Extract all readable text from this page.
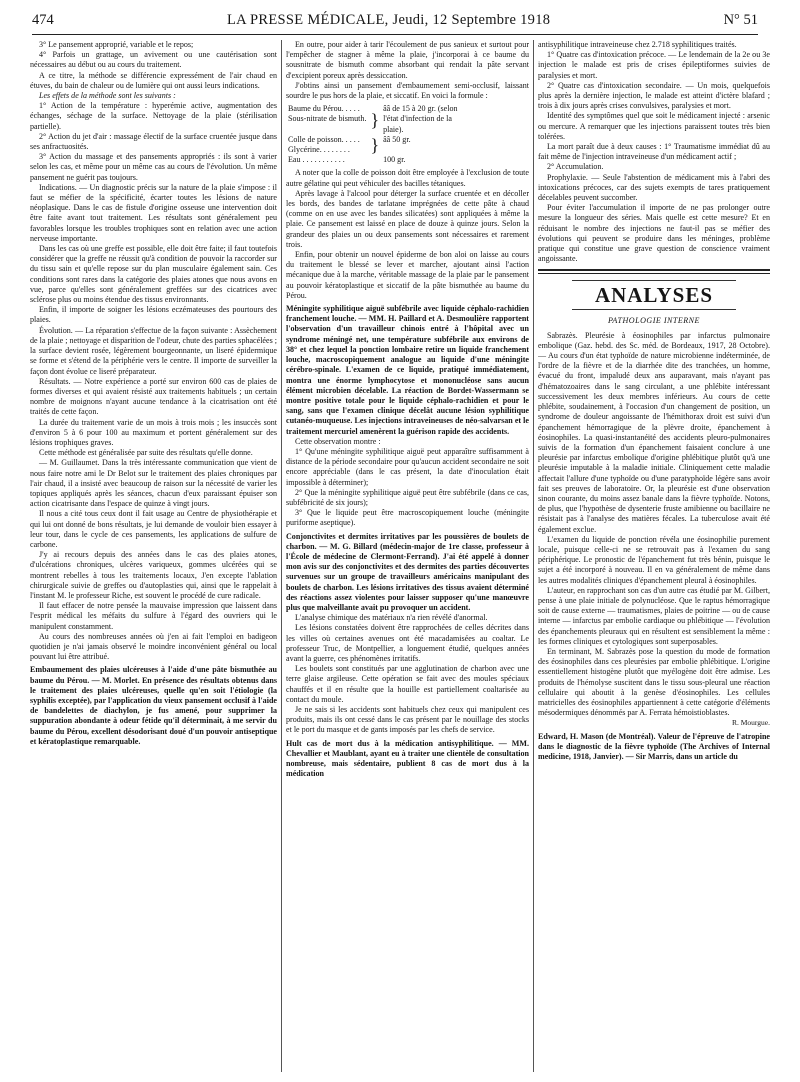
474	LA PRESSE MÉDICALE, Jeudi, 12 Septembre 1918	N° 51

3° Le pansement approprié, variable et le repos;

4° Parfois un grattage, un avivement ou une cautérisation sont nécessaires au début ou au cours du traitement.

A ce titre, la méthode se différencie expressément de l'air chaud en étuves, du bain de chaleur ou de lumière qui ont aussi leurs indications.

Les effets de la méthode sont les suivants :

1° Action de la température : hyperémie active, augmentation des échanges, séchage de la surface. Nettoyage de la plaie (stérilisation partielle).

2° Action du jet d'air : massage électif de la surface cruentée jusque dans ses anfractuosités.

3° Action du massage et des pansements appropriés : ils sont à varier selon les cas, et même pour un même cas au cours de l'évolution. Un même pansement ne guérit pas toujours.

Indications. — Un diagnostic précis sur la nature de la plaie s'impose : il faut se méfier de la spécificité, écarter toutes les lésions de nature néoplasique. Dans le cas de fistule d'origine osseuse une intervention doit être faite avant tout traitement. Les résultats sont généralement peu favorables lorsque les troubles trophiques sont en relation avec une action nerveuse importante.

Dans les cas où une greffe est possible, elle doit être faite; il faut toutefois considérer que la greffe ne réussit qu'à condition de pouvoir la raccorder sur du tissu sain et qu'elle repose sur du plan musculaire également sain. Ces conditions sont rares dans la catégorie des plaies atones que nous avons en vue, parce qu'elles sont généralement greffées sur des cicatrices avec sclérose plus ou moins étendue des tissus environnants.

Enfin, il importe de soigner les lésions eczémateuses des pourtours des plaies.

Évolution. — La réparation s'effectue de la façon suivante : Assèchement de la plaie ; nettoyage et disparition de l'odeur, chute des parties sphacélées ; la surface devient rosée, légèrement bourgeonnante, un liseré épidermique se forme et s'étend de la périphérie vers le centre. Il importe de surveiller la façon dont évolue ce liseré préparateur.

Résultats. — Notre expérience a porté sur environ 600 cas de plaies de formes diverses et qui avaient résisté aux traitements habituels ; un certain nombre de moignons n'ayant aucune tendance à la cicatrisation ont été traités de cette façon.

La durée du traitement varie de un mois à trois mois ; les insuccès sont d'environ 5 à 6 pour 100 au maximum et portent généralement sur des lésions trophiques graves.

Cette méthode est généralisée par suite des résultats qu'elle donne.

— M. Guillaumet. Dans la très intéressante communication que vient de nous faire notre ami le Dr Belot sur le traitement des plaies chroniques par l'air chaud, il a insisté avec beaucoup de raison sur la nécessité de varier les topiques appliqués après les séances, chacun d'eux paraissant épuiser son action cicatrisante dans l'espace de quinze à vingt jours.

Il nous a cité tous ceux dont il fait usage au Centre de physiothérapie et qui lui ont donné de bons résultats, je lui demande de vouloir bien essayer à leur tour, dans le cycle de ces pansements, les applications de sulfure de carbone.

J'y ai recours depuis des années dans le cas des plaies atones, d'ulcérations chroniques, ulcères variqueux, gommes ulcérées qui se montrent rebelles à tous les traitements locaux, J'en excepte l'ablation chirurgicale suivie de greffes ou d'autoplasties qui, ainsi que le rappelait à l'instant M. le professeur Riche, est souvent le procédé de cure radicale.

Il faut effacer de notre pensée la mauvaise impression que laissent dans l'esprit médical les méfaits du sulfure à l'égard des ouvriers qui le manipulent constamment.

Au cours des nombreuses années où j'en ai fait l'emploi en badigeon quotidien je n'ai jamais observé le moindre inconvénient général ou local pouvant lui être attribué.

Embaumement des plaies ulcéreuses à l'aide d'une pâte bismuthée au baume du Pérou. — M. Morlet. En présence des résultats obtenus dans le traitement des plaies ulcéreuses, quelle qu'en soit l'étiologie (la syphilis exceptée), par l'application du vieux pansement occlusif à l'aide de bandelettes de diachylon, je fus amené, pour supprimer la suppuration abondante à odeur fétide qu'il déterminait, à me servir du baume du Pérou, excellent désodorisant doué d'un pouvoir antiseptique et kératoplastique remarquable.

En outre, pour aider à tarir l'écoulement de pus sanieux et surtout pour l'empêcher de stagner à même la plaie, j'incorporai à ce baume du sousnitrate de bismuth comme absorbant qui rendait la pâte servant d'excipient poreux après dessiccation.

J'obtins ainsi un pansement d'embaumement semi-occlusif, laissant sourdre le pus hors de la plaie, et siccatif. En voici la formule :

Baume du Pérou. . . . .	}	ââ de 15 à 20 gr. (selon
Sous-nitrate de bismuth.		l'état d'infection de la
		plaie).
Colle de poisson. . . . .	}	ââ 50 gr.
Glycérine. . . . . . . .		
Eau . . . . . . . . . . .		100 gr.

A noter que la colle de poisson doit être employée à l'exclusion de toute autre gélatine qui peut véhiculer des bacilles tétaniques.

Après lavage à l'alcool pour déterger la surface cruentée et en décoller les bords, des bandes de tarlatane imprégnées de cette pâte à chaud (comme on en use avec les bandes silicatées) sont appliquées à même la plaie. Ce pansement est laissé en place de douze à quinze jours. Selon la grandeur des plaies un ou deux pansements sont nécessaires et rarement trois.

Enfin, pour obtenir un nouvel épiderme de bon aloi on laisse au cours du traitement le blessé se lever et marcher, ajoutant ainsi l'action mécanique due à la marche, véritable massage de la plaie par le pansement au pouvoir kératoplastique et siccatif de la pâte bismuthée au baume du Pérou.

Méningite syphilitique aiguë subfébrile avec liquide céphalo-rachidien franchement louche. — MM. H. Paillard et A. Desmoulière rapportent l'observation d'un travailleur chinois entré à l'hôpital avec un syndrome méningé net, une température subfébrile aux environs de 38° et chez lequel la ponction lombaire retire un liquide franchement louche, macroscopiquement analogue au liquide d'une méningite cérébro-spinale. L'examen de ce liquide, pratiqué immédiatement, montra une énorme lymphocytose et mononucléose sans aucun élément microbien décelable. La réaction de Bordet-Wassermann se montre positive totale pour le liquide céphalo-rachidien et pour le sang, sans que l'examen clinique décelât aucune lésion syphilitique cutanéo-muqueuse. Les injections intraveineuses de néo-salvarsan et le traitement mercuriel amenèrent la guérison rapide des accidents.

Cette observation montre :

1° Qu'une méningite syphilitique aiguë peut apparaître suffisamment à distance de la période secondaire pour qu'aucun accident secondaire ne soit encore appréciable (dans le cas présent, la date d'inoculation était impossible à déterminer);

2° Que la méningite syphilitique aiguë peut être subfébrile (dans ce cas, subfébricité de six jours);

3° Que le liquide peut être macroscopiquement louche (méningite puriforme aseptique).

Conjonctivites et dermites irritatives par les poussières de boulets de charbon. — M. G. Billard (médecin-major de 1re classe, professeur à l'École de médecine de Clermont-Ferrand). J'ai été appelé à donner mon avis sur des conjonctivites et des dermites des parties découvertes survenues sur un groupe de travailleurs américains manipulant des boulets de charbon. Les lésions irritatives des tissus avaient déterminé des réactions assez violentes pour laisser supposer qu'une manœuvre plus que malveillante avait pu provoquer un accident.

L'analyse chimique des matériaux n'a rien révélé d'anormal.

Les lésions constatées doivent être rapprochées de celles décrites dans les villes où certaines avenues ont été macadamisées au coaltar. Le professeur Truc, de Montpellier, a longuement étudié, quelques années avant la guerre, ces phénomènes irritatifs.

Les boulets sont constitués par une agglutination de charbon avec une terre glaise argileuse. Cette opération se fait avec des moules spéciaux chauffés et il en résulte que la houille est partiellement coaltarisée au contact du moule.

Je ne sais si les accidents sont habituels chez ceux qui manipulent ces produits, mais ils ont cessé dans le cas présent par le nouillage des stocks et le port du masque et de gants imposés par les chefs de service.

Hult cas de mort dus à la médication antisyphilitique. — MM. Chevallier et Maublant, ayant eu à traiter une clientèle de consultation nombreuse, mais sédentaire, publient 8 cas de mort dus à la médication

antisyphilitique intraveineuse chez 2.718 syphilitiques traités.

1° Quatre cas d'intoxication précoce. — Le lendemain de la 2e ou 3e injection le malade est pris de crises épileptiformes suivies de paralysies et mort.

2° Quatre cas d'intoxication secondaire. — Un mois, quelquefois plus après la dernière injection, le malade est atteint d'ictère blafard ; trois à dix jours après crises convulsives, paralysies et mort.

Identité des symptômes quel que soit le médicament injecté : arsenic ou mercure. A remarquer que les injections paraissent toutes très bien tolérées.

La mort paraît due à deux causes : 1° Traumatisme immédiat dû au fait même de l'injection intraveineuse d'un médicament actif ;

2° Accumulation.

Prophylaxie. — Seule l'abstention de médicament mis à l'abri des intoxications précoces, car des sujets exempts de tares pratiquement décelables peuvent succomber.

Pour éviter l'accumulation il importe de ne pas prolonger outre mesure la longueur des séries. Mais quelle est cette mesure? Et en réduisant le nombre des injections ne faut-il pas se méfier des évolutions qui peuvent se produire dans les méninges, problème pratique qui constitue une grave question de conscience vraiment angoissante.

ANALYSES
PATHOLOGIE INTERNE

Sabrazès. Pleurésie à éosinophiles par infarctus pulmonaire embolique (Gaz. hebd. des Sc. méd. de Bordeaux, 1917, 28 Octobre). — Au cours d'un état typhoïde de nature microbienne indéterminée, de l'ordre de la fièvre et de la diarrhée dite des tranchées, un homme, évacué du front, impaludé deux ans auparavant, mais n'ayant pas d'hématozoaires dans le sang circulant, a une phlébite intéressant successivement les deux membres inférieurs. Au cours de cette phlébite, soudainement, à l'occasion d'un changement de position, un syndrome de douleur angoissante de l'hémithorax droit est suivi d'un épanchement hémorragique de la plèvre droite, épanchement à éosinophiles. La quasi-instantanéité des accidents pleuro-pulmonaires suivis de la formation d'un épanchement faisaient conclure à une pleurésie par infarctus embolique d'origine phlébitique plutôt qu'à une pleurésie imputable à la maladie initiale. Cliniquement cette maladie affectait l'allure d'une typhoïde ou d'une paratyphoïde légère sans avoir fait ses preuves de laboratoire. Or, la pleurésie est d'une observation sinon courante, du moins assez banale dans la fièvre typhoïde. Notons, de plus, que l'hypothèse de dysenterie fruste amibienne ou bacillaire ne résistait pas à l'analyse des matières fécales. La tuberculose avait été également exclue.

L'examen du liquide de ponction révéla une éosinophilie purement locale, puisque celle-ci ne se retrouvait pas à l'examen du sang périphérique. Le pronostic de l'épanchement fut très bénin, puisque le sujet a été incorporé à nouveau. Il en va généralement de même dans les autres modalités cliniques d'épanchement pleural à éosinophiles.

L'auteur, en rapprochant son cas d'un autre cas étudié par M. Gilbert, pense à une plaie initiale de polynucléose. Que le raptus hémorragique soit de cause externe — traumatismes, plaies de poitrine — ou de cause interne — infarctus par embolie cardiaque ou phlébitique — l'évolution des épanchements pleuraux qui en résultent est sensiblement la même : les formes cliniques et cytologiques sont superposables.

En terminant, M. Sabrazès pose la question du mode de formation des éosinophiles dans ces pleurésies par embolie phlébitique. L'origine essentiellement histogène plutôt que myélogène doit être admise. Les produits de l'hémolyse suscitent dans le tissu sous-pleural une réaction cellulaire qui aboutit à la genèse d'éosinophiles. Les cellules matricielles des éosinophiles appartiennent à cette catégorie d'éléments mésodermiques dénommés par A. Ferrata hémoistioblastes.

R. Mourgue.

Edward, H. Mason (de Montréal). Valeur de l'épreuve de l'atropine dans le diagnostic de la fièvre typhoïde (The Archives of Internal medicine, 1918, Janvier). — Sir Marris, dans un article du
